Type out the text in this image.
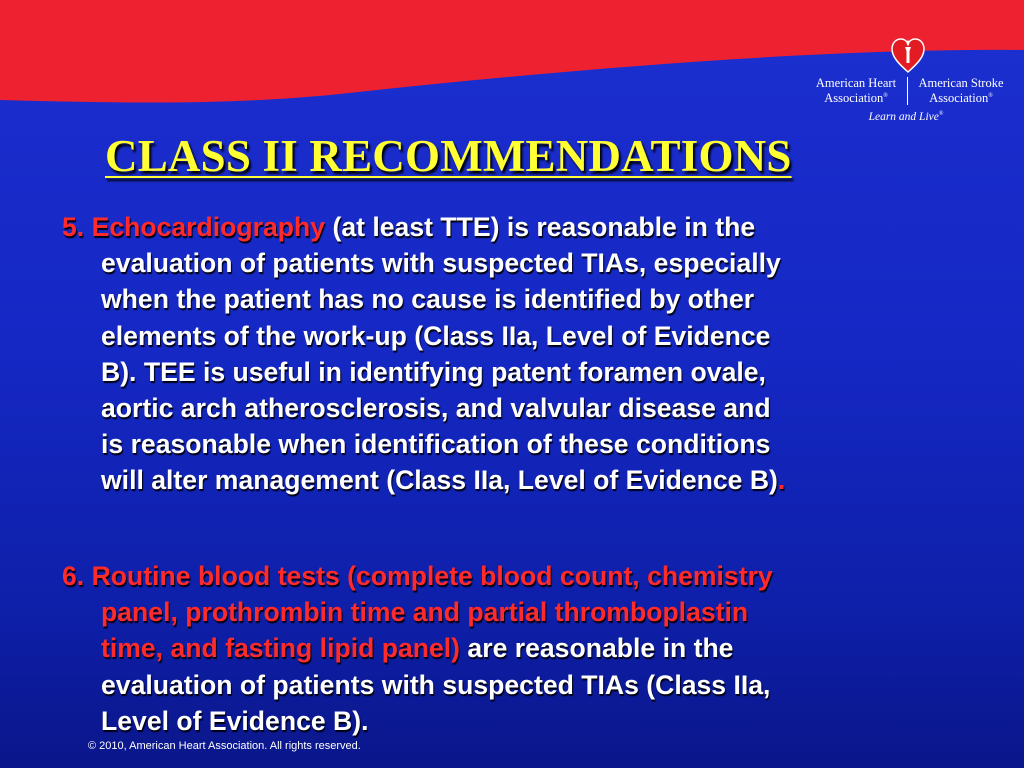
American Heart
Association®
American Stroke
Association®
Learn and Live®
CLASS II RECOMMENDATIONS
5. Echocardiography (at least TTE) is reasonable in the
evaluation of patients with suspected TIAs, especially
when the patient has no cause is identified by other
elements of the work-up (Class IIa, Level of Evidence
B). TEE is useful in identifying patent foramen ovale,
aortic arch atherosclerosis, and valvular disease and
is reasonable when identification of these conditions
will alter management (Class IIa, Level of Evidence B).
6. Routine blood tests (complete blood count, chemistry
panel, prothrombin time and partial thromboplastin
time, and fasting lipid panel) are reasonable in the
evaluation of patients with suspected TIAs (Class IIa,
Level of Evidence B).

© 2010, American Heart Association. All rights reserved.
